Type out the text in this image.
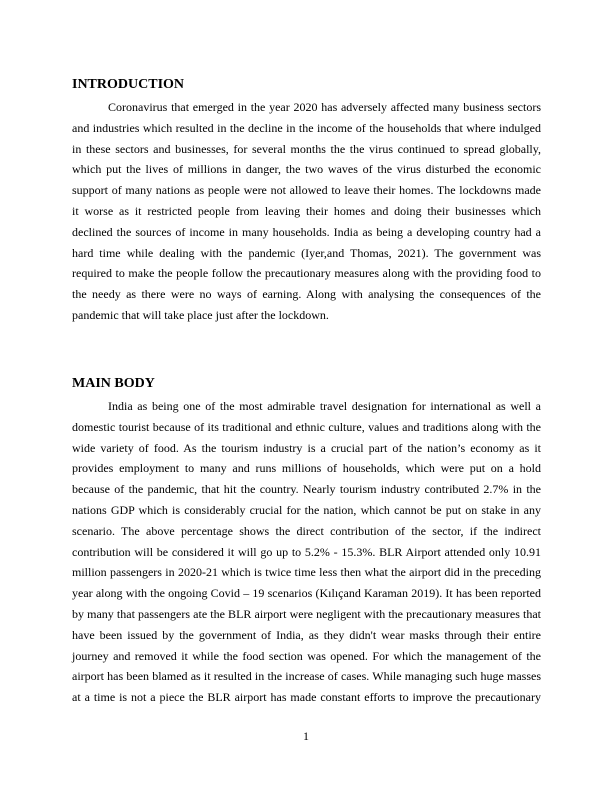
INTRODUCTION
Coronavirus that emerged in the year 2020 has adversely affected many business sectors
and industries which resulted in the decline in the income of the households that where indulged
in these sectors and businesses, for several months the the virus continued to spread globally,
which put the lives of millions in danger, the two waves of the virus disturbed the economic
support of many nations as people were not allowed to leave their homes. The lockdowns made
it worse as it restricted people from leaving their homes and doing their businesses which
declined the sources of income in many households. India as being a developing country had a
hard time while dealing with the pandemic (Iyer,and Thomas, 2021). The government was
required to make the people follow the precautionary measures along with the providing food to
the needy as there were no ways of earning. Along with analysing the consequences of the
pandemic that will take place just after the lockdown.
MAIN BODY
India as being one of the most admirable travel designation for international as well a
domestic tourist because of its traditional and ethnic culture, values and traditions along with the
wide variety of food. As the tourism industry is a crucial part of the nation’s economy as it
provides employment to many and runs millions of households, which were put on a hold
because of the pandemic, that hit the country. Nearly tourism industry contributed 2.7% in the
nations GDP which is considerably crucial for the nation, which cannot be put on stake in any
scenario. The above percentage shows the direct contribution of the sector, if the indirect
contribution will be considered it will go up to 5.2% - 15.3%. BLR Airport attended only 10.91
million passengers in 2020-21 which is twice time less then what the airport did in the preceding
year along with the ongoing Covid – 19 scenarios (Kılıçand Karaman 2019). It has been reported
by many that passengers ate the BLR airport were negligent with the precautionary measures that
have been issued by the government of India, as they didn't wear masks through their entire
journey and removed it while the food section was opened. For which the management of the
airport has been blamed as it resulted in the increase of cases. While managing such huge masses
at a time is not a piece the BLR airport has made constant efforts to improve the precautionary
1
